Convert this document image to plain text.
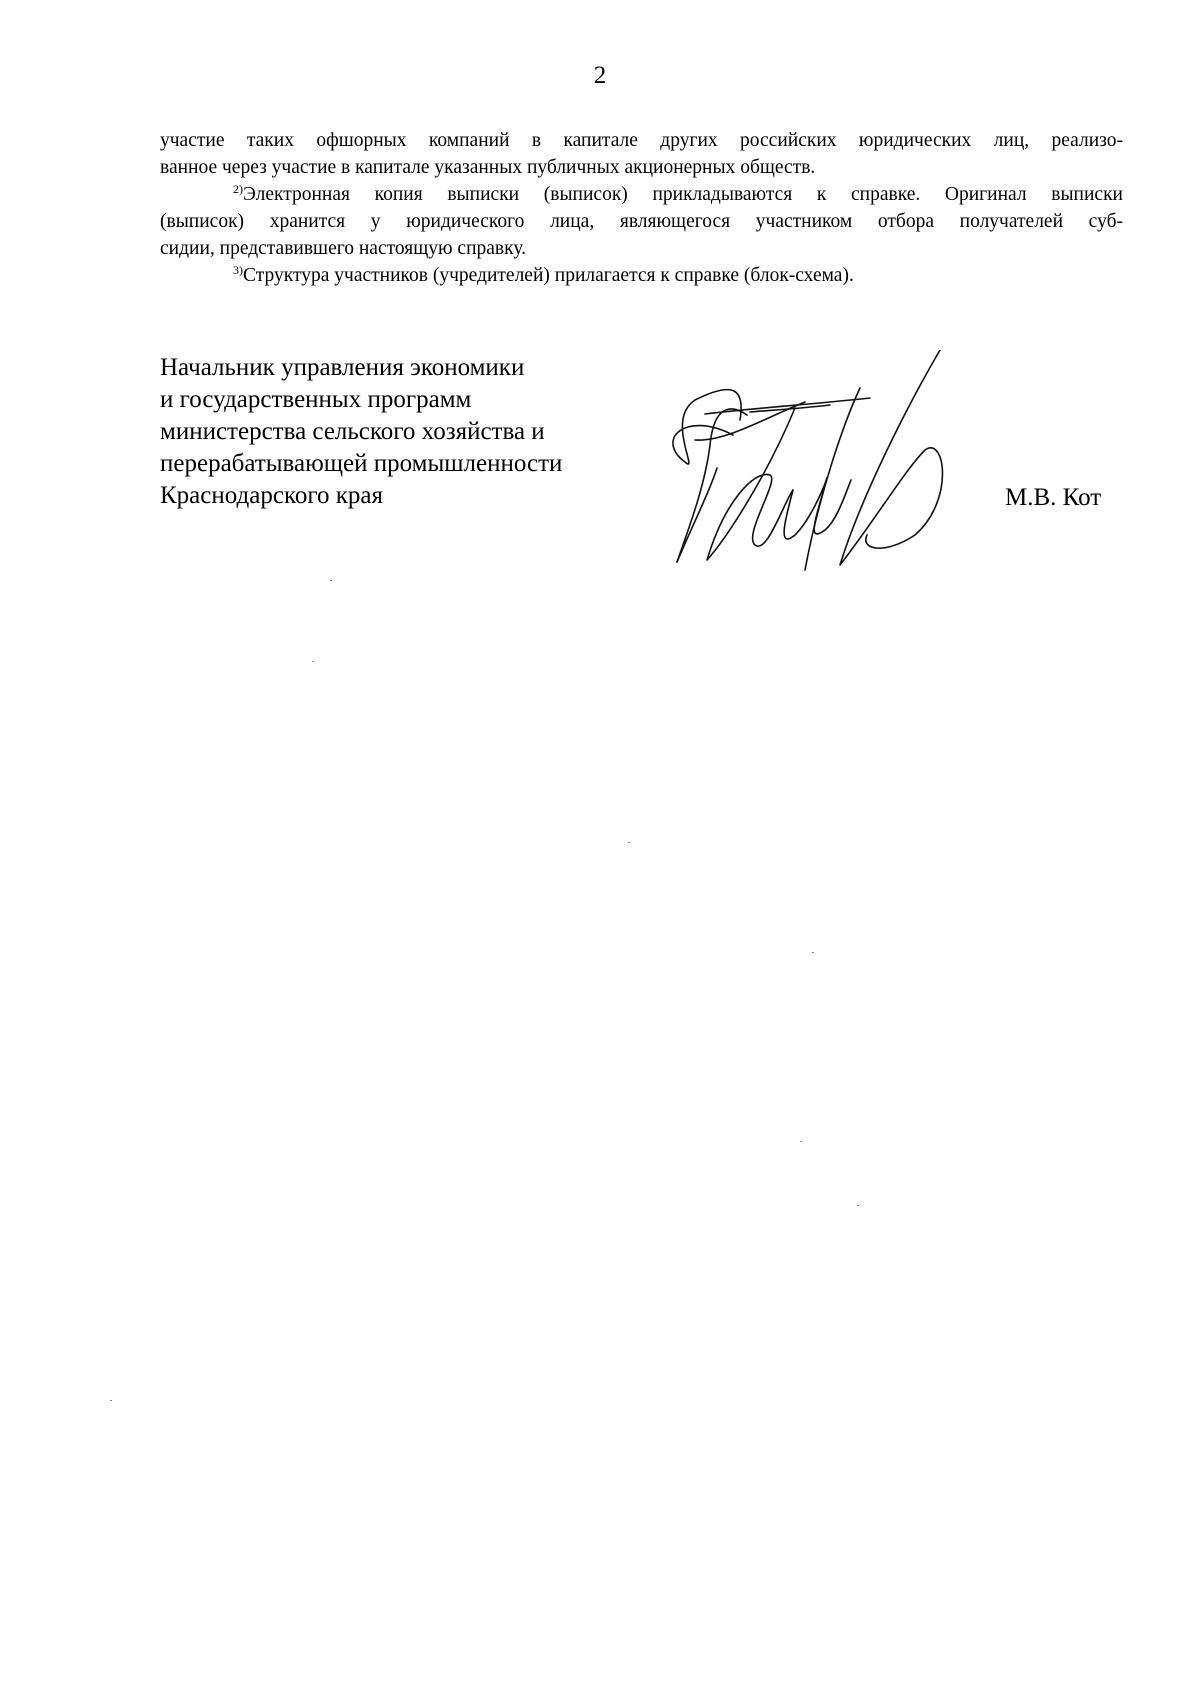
2

участие таких офшорных компаний в капитале других российских юридических лиц, реализо-

ванное через участие в капитале указанных публичных акционерных обществ.

$^{2)}$Электронная копия выписки (выписок) прикладываются к справке. Оригинал выписки

(выписок) хранится у юридического лица, являющегося участником отбора получателей суб-

сидии, представившего настоящую справку.

$^{3)}$Структура участников (учредителей) прилагается к справке (блок-схема).

Начальник управления экономики
и государственных программ
министерства сельского хозяйства и
перерабатывающей промышленности
Краснодарского края	М.В. Кот
